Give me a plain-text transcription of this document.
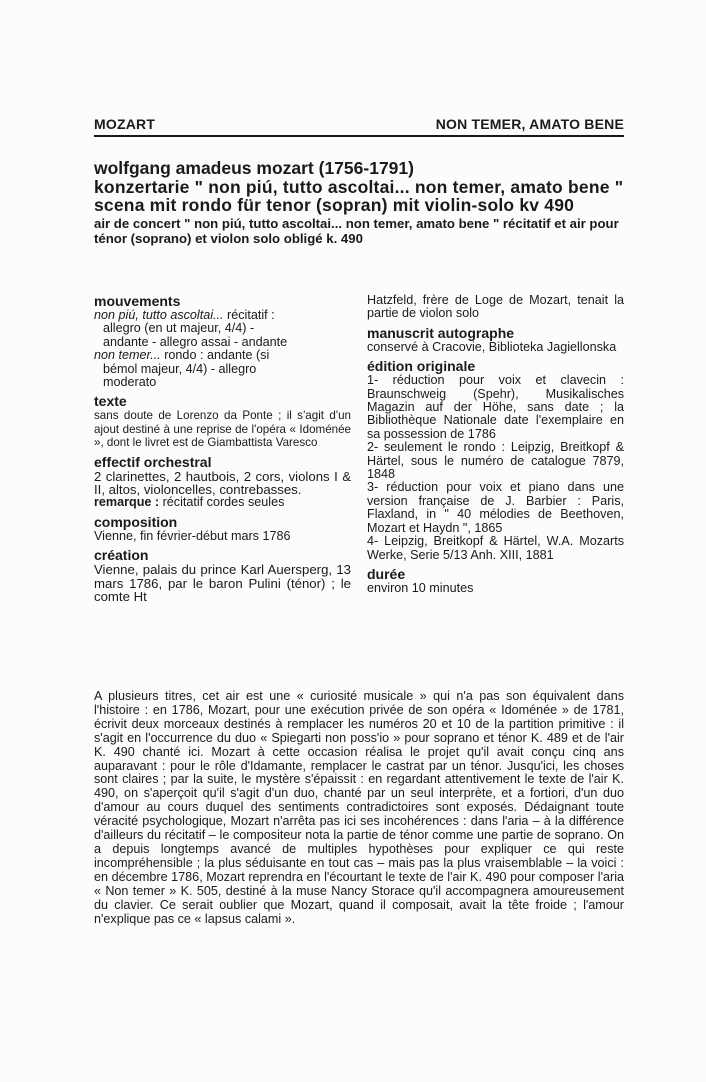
MOZART	NON TEMER, AMATO BENE

wolfgang amadeus mozart (1756-1791)

konzertarie " non piú, tutto ascoltai... non temer, amato bene " scena mit rondo für tenor (sopran) mit violin-solo kv 490

air de concert " non piú, tutto ascoltai... non temer, amato bene " récitatif et air pour ténor (soprano) et violon solo obligé k. 490

mouvements

non piú, tutto ascoltai... récitatif :

allegro (en ut majeur, 4/4) -

andante - allegro assai - andante

non temer... rondo : andante (si

bémol majeur, 4/4) - allegro

moderato

texte

sans doute de Lorenzo da Ponte ; il s'agit d'un ajout destiné à une reprise de l'opéra « Idoménée », dont le livret est de Giambattista Varesco

effectif orchestral

2 clarinettes, 2 hautbois, 2 cors, violons I & II, altos, violoncelles, contrebasses.

remarque : récitatif cordes seules

composition

Vienne, fin février-début mars 1786

création

Vienne, palais du prince Karl Auersperg, 13 mars 1786, par le baron Pulini (ténor) ; le comte Ht

Hatzfeld, frère de Loge de Mozart, tenait la partie de violon solo

manuscrit autographe

conservé à Cracovie, Biblioteka Jagiellonska

édition originale

1- réduction pour voix et clavecin : Braunschweig (Spehr), Musikalisches Magazin auf der Höhe, sans date ; la Bibliothèque Nationale date l'exemplaire en sa possession de 1786

2- seulement le rondo : Leipzig, Breitkopf & Härtel, sous le numéro de catalogue 7879, 1848

3- réduction pour voix et piano dans une version française de J. Barbier : Paris, Flaxland, in " 40 mélodies de Beethoven, Mozart et Haydn ", 1865

4- Leipzig, Breitkopf & Härtel, W.A. Mozarts Werke, Serie 5/13 Anh. XIII, 1881

durée

environ 10 minutes

A plusieurs titres, cet air est une « curiosité musicale » qui n'a pas son équivalent dans l'histoire : en 1786, Mozart, pour une exécution privée de son opéra « Idoménée » de 1781, écrivit deux morceaux destinés à remplacer les numéros 20 et 10 de la partition primitive : il s'agit en l'occurrence du duo « Spiegarti non poss'io » pour soprano et ténor K. 489 et de l'air K. 490 chanté ici. Mozart à cette occasion réalisa le projet qu'il avait conçu cinq ans auparavant : pour le rôle d'Idamante, remplacer le castrat par un ténor. Jusqu'ici, les choses sont claires ; par la suite, le mystère s'épaissit : en regardant attentivement le texte de l'air K. 490, on s'aperçoit qu'il s'agit d'un duo, chanté par un seul interprète, et a fortiori, d'un duo d'amour au cours duquel des sentiments contradictoires sont exposés. Dédaignant toute véracité psychologique, Mozart n'arrêta pas ici ses incohérences : dans l'aria – à la différence d'ailleurs du récitatif – le compositeur nota la partie de ténor comme une partie de soprano. On a depuis longtemps avancé de multiples hypothèses pour expliquer ce qui reste incompréhensible ; la plus séduisante en tout cas – mais pas la plus vraisemblable – la voici : en décembre 1786, Mozart reprendra en l'écourtant le texte de l'air K. 490 pour composer l'aria « Non temer » K. 505, destiné à la muse Nancy Storace qu'il accompagnera amoureusement du clavier. Ce serait oublier que Mozart, quand il composait, avait la tête froide ; l'amour n'explique pas ce « lapsus calami ».
